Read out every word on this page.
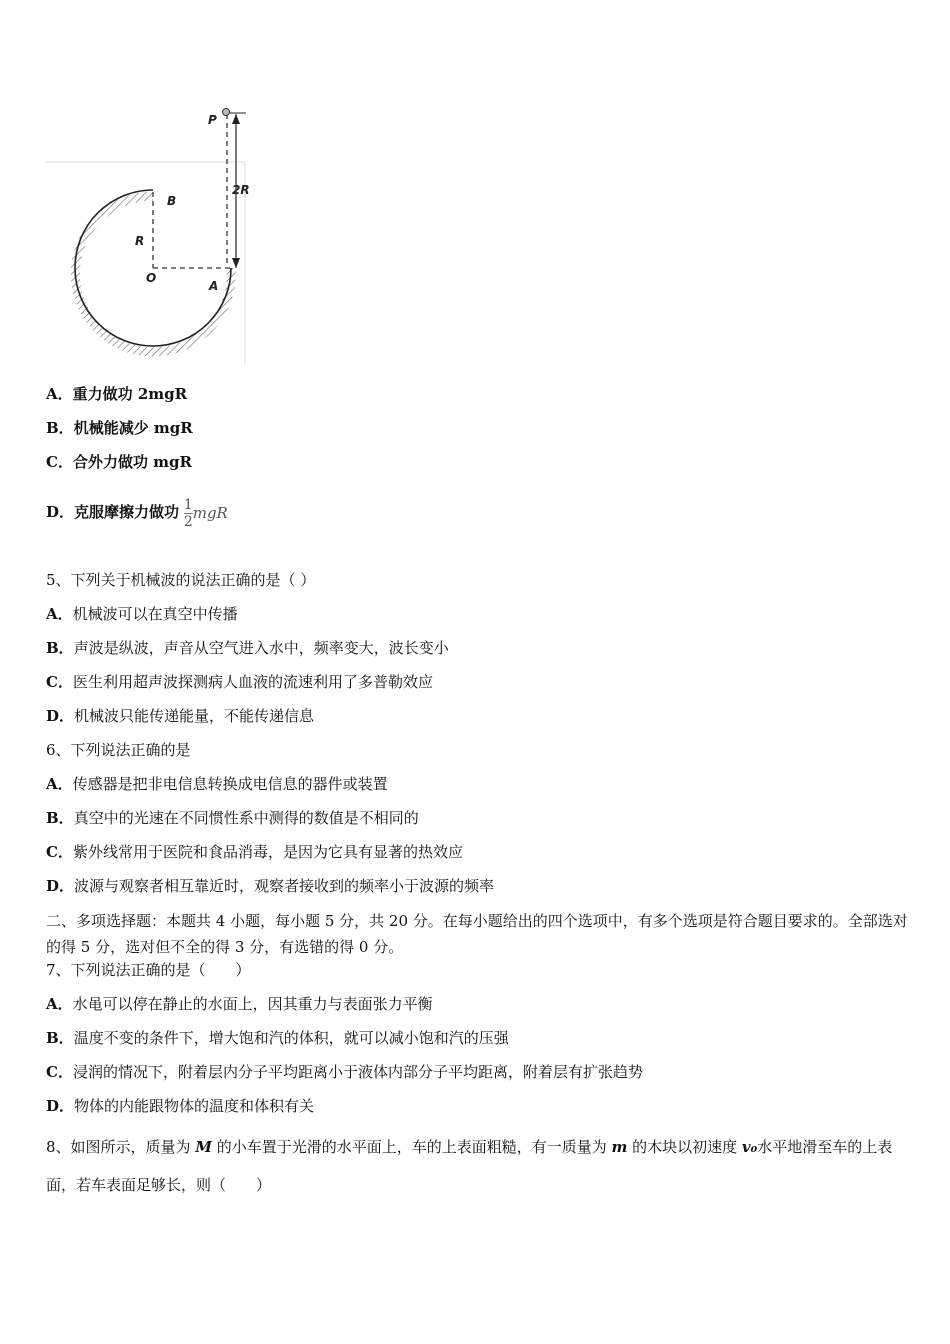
P
2R
B
R
O
A
A．重力做功 2mgR
B．机械能减少 mgR
C．合外力做功 mgR
D．克服摩擦力做功 $\frac{1}{2}$ mgR
5、下列关于机械波的说法正确的是（ ）
A．机械波可以在真空中传播
B．声波是纵波，声音从空气进入水中，频率变大，波长变小
C．医生利用超声波探测病人血液的流速利用了多普勒效应
D．机械波只能传递能量，不能传递信息
6、下列说法正确的是
A．传感器是把非电信息转换成电信息的器件或装置
B．真空中的光速在不同惯性系中测得的数值是不相同的
C．紫外线常用于医院和食品消毒，是因为它具有显著的热效应
D．波源与观察者相互靠近时，观察者接收到的频率小于波源的频率
二、多项选择题：本题共 4 小题，每小题 5 分，共 20 分。在每小题给出的四个选项中，有多个选项是符合题目要求的。全部选对的得 5 分，选对但不全的得 3 分，有选错的得 0 分。
7、下列说法正确的是（　　）
A．水黾可以停在静止的水面上，因其重力与表面张力平衡
B．温度不变的条件下，增大饱和汽的体积，就可以减小饱和汽的压强
C．浸润的情况下，附着层内分子平均距离小于液体内部分子平均距离，附着层有扩张趋势
D．物体的内能跟物体的温度和体积有关
8、如图所示，质量为 M 的小车置于光滑的水平面上，车的上表面粗糙，有一质量为 m 的木块以初速度 v₀水平地滑至车的上表面，若车表面足够长，则（　　）
